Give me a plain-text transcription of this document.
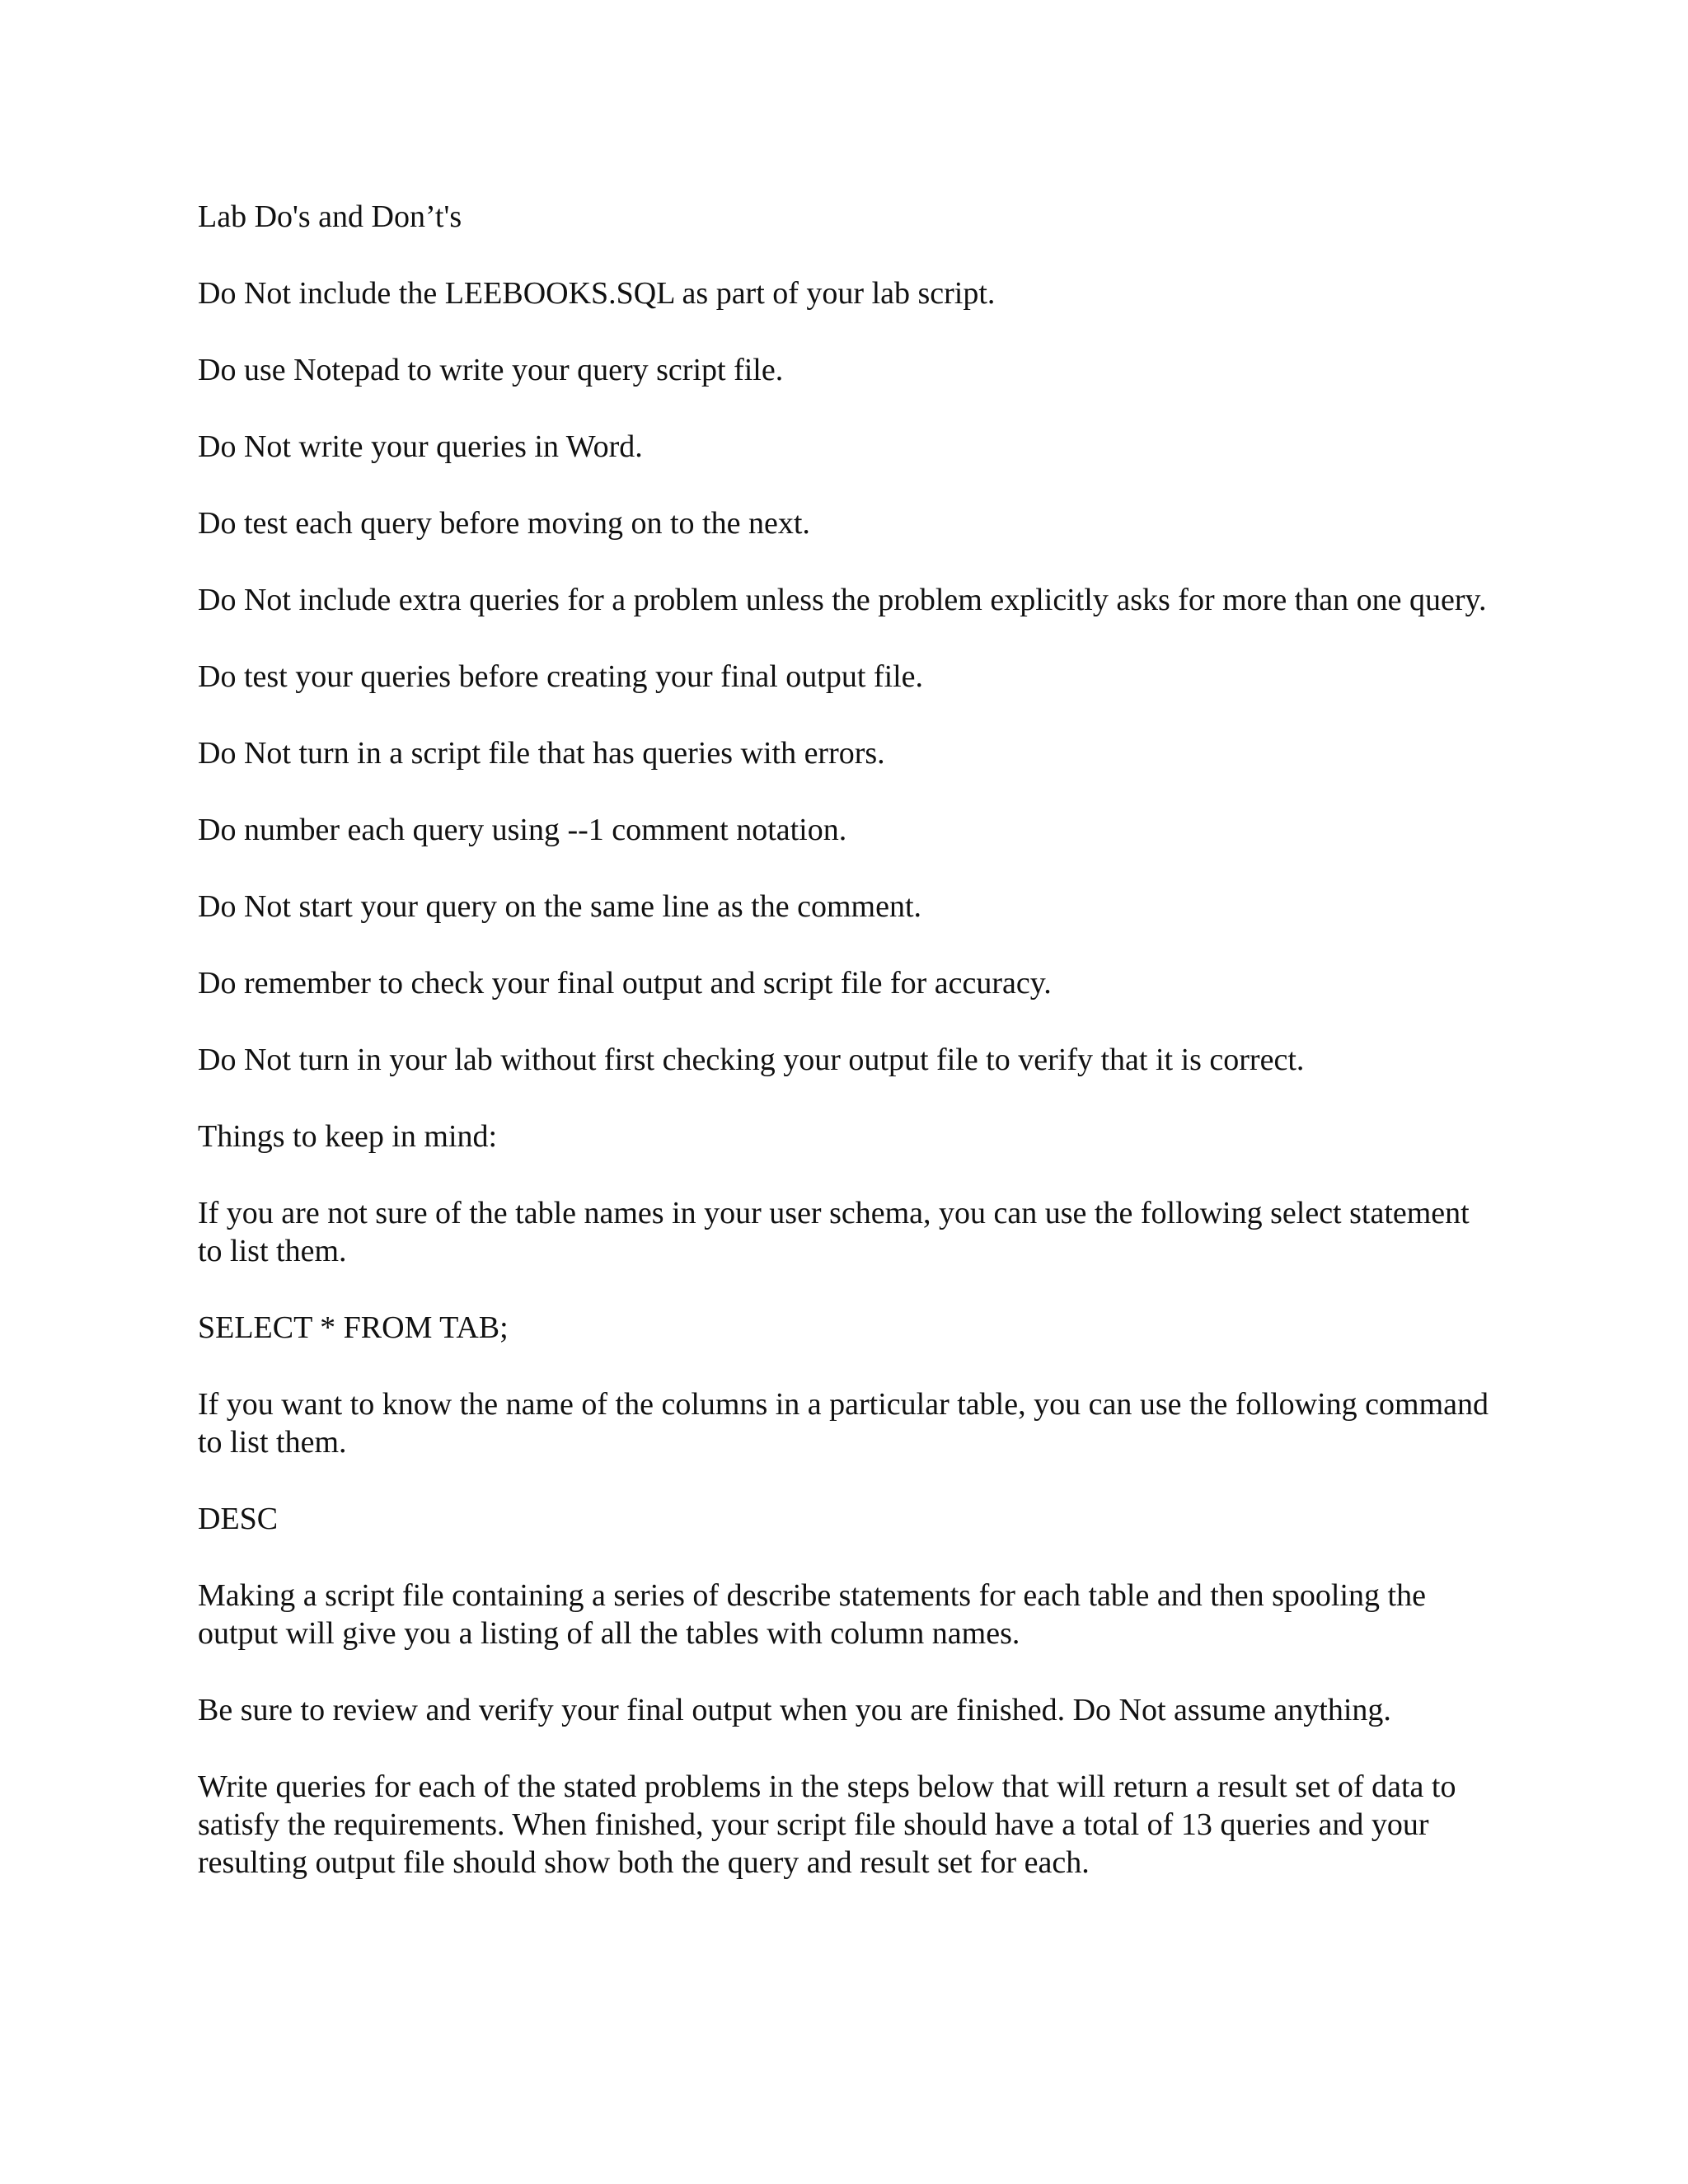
Lab Do's and Don’t's

Do Not include the LEEBOOKS.SQL as part of your lab script.

Do use Notepad to write your query script file.

Do Not write your queries in Word.

Do test each query before moving on to the next.

Do Not include extra queries for a problem unless the problem explicitly asks for more than one query.

Do test your queries before creating your final output file.

Do Not turn in a script file that has queries with errors.

Do number each query using --1 comment notation.

Do Not start your query on the same line as the comment.

Do remember to check your final output and script file for accuracy.

Do Not turn in your lab without first checking your output file to verify that it is correct.

Things to keep in mind:

If you are not sure of the table names in your user schema, you can use the following select statement to list them.

SELECT * FROM TAB;

If you want to know the name of the columns in a particular table, you can use the following command to list them.

DESC

Making a script file containing a series of describe statements for each table and then spooling the output will give you a listing of all the tables with column names.

Be sure to review and verify your final output when you are finished. Do Not assume anything.

Write queries for each of the stated problems in the steps below that will return a result set of data to satisfy the requirements. When finished, your script file should have a total of 13 queries and your resulting output file should show both the query and result set for each.
